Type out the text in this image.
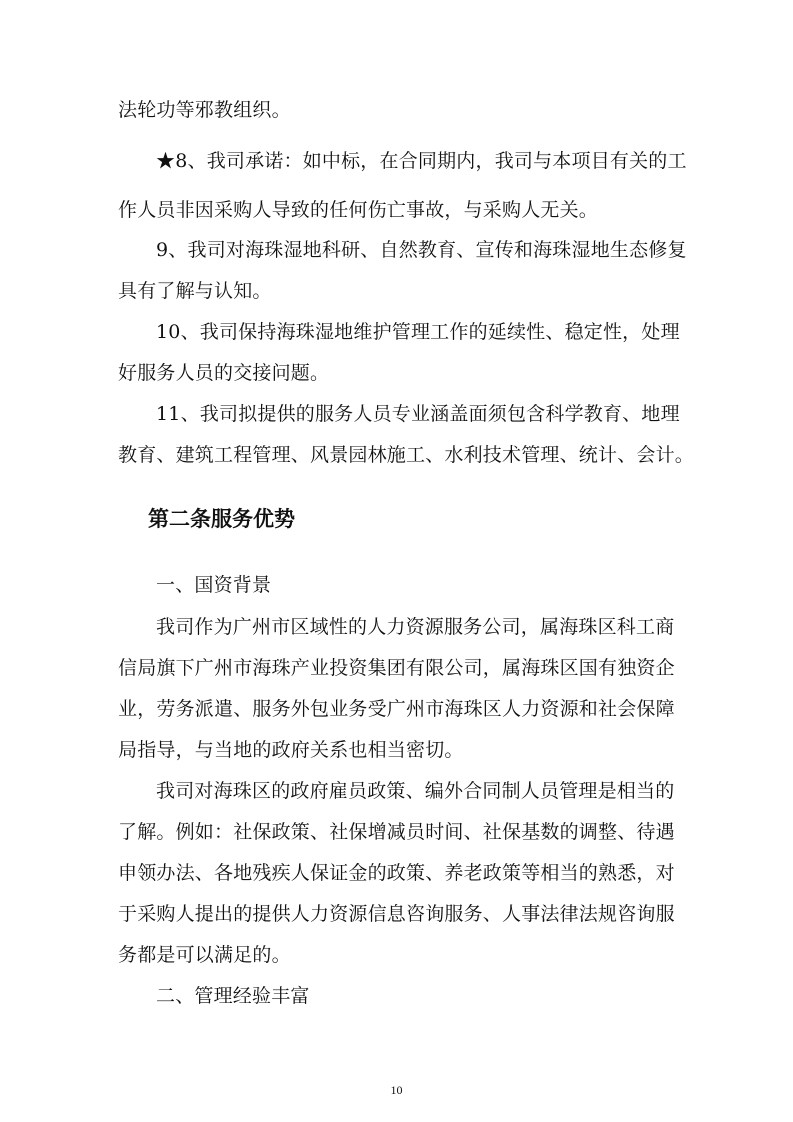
法轮功等邪教组织。
★8、我司承诺：如中标，在合同期内，我司与本项目有关的工
作人员非因采购人导致的任何伤亡事故，与采购人无关。
9、我司对海珠湿地科研、自然教育、宣传和海珠湿地生态修复
具有了解与认知。
10、我司保持海珠湿地维护管理工作的延续性、稳定性，处理
好服务人员的交接问题。
11、我司拟提供的服务人员专业涵盖面须包含科学教育、地理
教育、建筑工程管理、风景园林施工、水利技术管理、统计、会计。
第二条服务优势
一、国资背景
我司作为广州市区域性的人力资源服务公司，属海珠区科工商
信局旗下广州市海珠产业投资集团有限公司，属海珠区国有独资企
业，劳务派遣、服务外包业务受广州市海珠区人力资源和社会保障
局指导，与当地的政府关系也相当密切。
我司对海珠区的政府雇员政策、编外合同制人员管理是相当的
了解。例如：社保政策、社保增减员时间、社保基数的调整、待遇
申领办法、各地残疾人保证金的政策、养老政策等相当的熟悉，对
于采购人提出的提供人力资源信息咨询服务、人事法律法规咨询服
务都是可以满足的。
二、管理经验丰富
10
